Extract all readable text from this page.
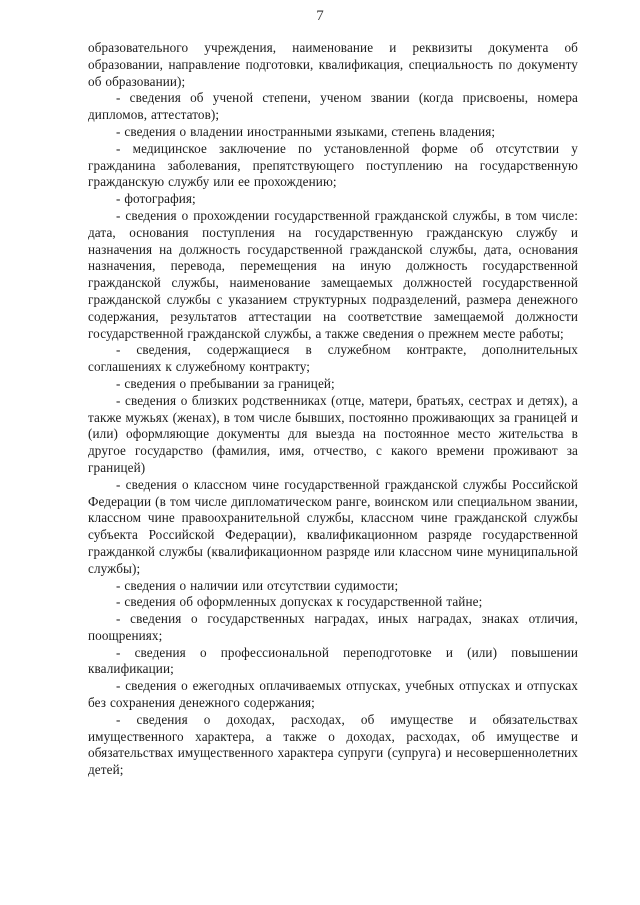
7

образовательного учреждения, наименование и реквизиты документа об образовании, направление подготовки, квалификация, специальность по документу об образовании);

- сведения об ученой степени, ученом звании (когда присвоены, номера дипломов, аттестатов);

- сведения о владении иностранными языками, степень владения;

- медицинское заключение по установленной форме об отсутствии у гражданина заболевания, препятствующего поступлению на государственную гражданскую службу или ее прохождению;

- фотография;

- сведения о прохождении государственной гражданской службы, в том числе: дата, основания поступления на государственную гражданскую службу и назначения на должность государственной гражданской службы, дата, основания назначения, перевода, перемещения на иную должность государственной гражданской службы, наименование замещаемых должностей государственной гражданской службы с указанием структурных подразделений, размера денежного содержания, результатов аттестации на соответствие замещаемой должности государственной гражданской службы, а также сведения о прежнем месте работы;

- сведения, содержащиеся в служебном контракте, дополнительных соглашениях к служебному контракту;

- сведения о пребывании за границей;

- сведения о близких родственниках (отце, матери, братьях, сестрах и детях), а также мужьях (женах), в том числе бывших, постоянно проживающих за границей и (или) оформляющие документы для выезда на постоянное место жительства в другое государство (фамилия, имя, отчество, с какого времени проживают за границей)

- сведения о классном чине государственной гражданской службы Российской Федерации (в том числе дипломатическом ранге, воинском или специальном звании, классном чине правоохранительной службы, классном чине гражданской службы субъекта Российской Федерации), квалификационном разряде государственной гражданкой службы (квалификационном разряде или классном чине муниципальной службы);

- сведения о наличии или отсутствии судимости;

- сведения об оформленных допусках к государственной тайне;

- сведения о государственных наградах, иных наградах, знаках отличия, поощрениях;

- сведения о профессиональной переподготовке и (или) повышении квалификации;

- сведения о ежегодных оплачиваемых отпусках, учебных отпусках и отпусках без сохранения денежного содержания;

- сведения о доходах, расходах, об имуществе и обязательствах имущественного характера, а также о доходах, расходах, об имуществе и обязательствах имущественного характера супруги (супруга) и несовершеннолетних детей;
